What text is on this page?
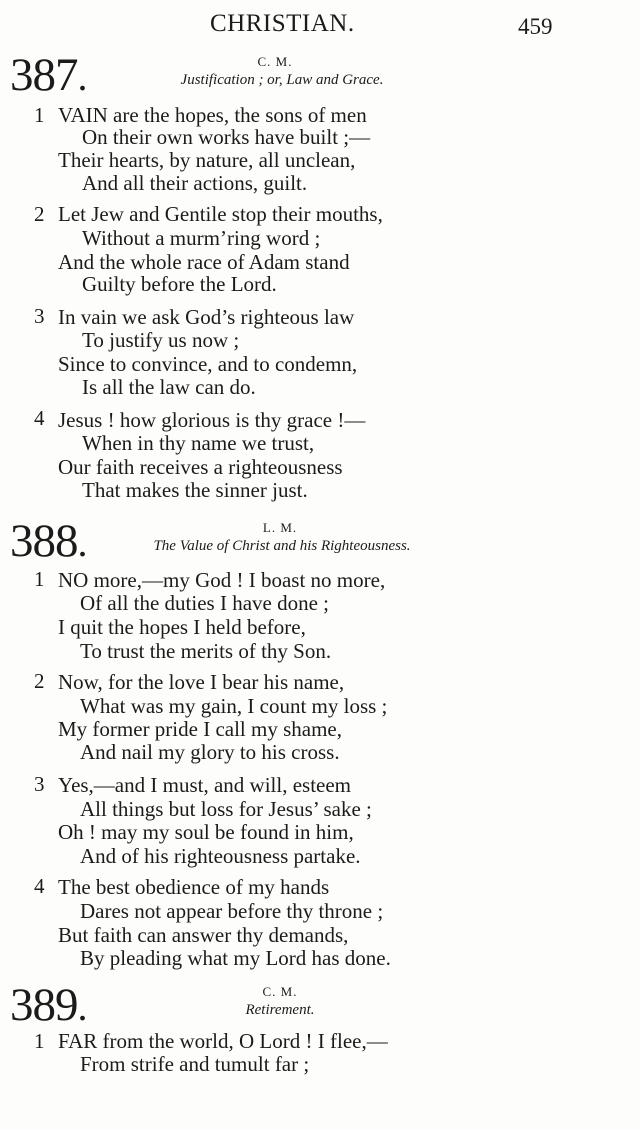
CHRISTIAN.	459
387.	C. M.
Justification ; or, Law and Grace.
388.	L. M.
The Value of Christ and his Righteousness.
389.	C. M.
Retirement.
1 VAIN are the hopes, the sons of men
On their own works have built ;—
Their hearts, by nature, all unclean,
And all their actions, guilt.
2 Let Jew and Gentile stop their mouths,
Without a murm’ring word ;
And the whole race of Adam stand
Guilty before the Lord.
3 In vain we ask God’s righteous law
To justify us now ;
Since to convince, and to condemn,
Is all the law can do.
4 Jesus ! how glorious is thy grace !—
When in thy name we trust,
Our faith receives a righteousness
That makes the sinner just.
1 NO more,—my God ! I boast no more,
Of all the duties I have done ;
I quit the hopes I held before,
To trust the merits of thy Son.
2 Now, for the love I bear his name,
What was my gain, I count my loss ;
My former pride I call my shame,
And nail my glory to his cross.
3 Yes,—and I must, and will, esteem
All things but loss for Jesus’ sake ;
Oh ! may my soul be found in him,
And of his righteousness partake.
4 The best obedience of my hands
Dares not appear before thy throne ;
But faith can answer thy demands,
By pleading what my Lord has done.
1 FAR from the world, O Lord ! I flee,—
From strife and tumult far ;
